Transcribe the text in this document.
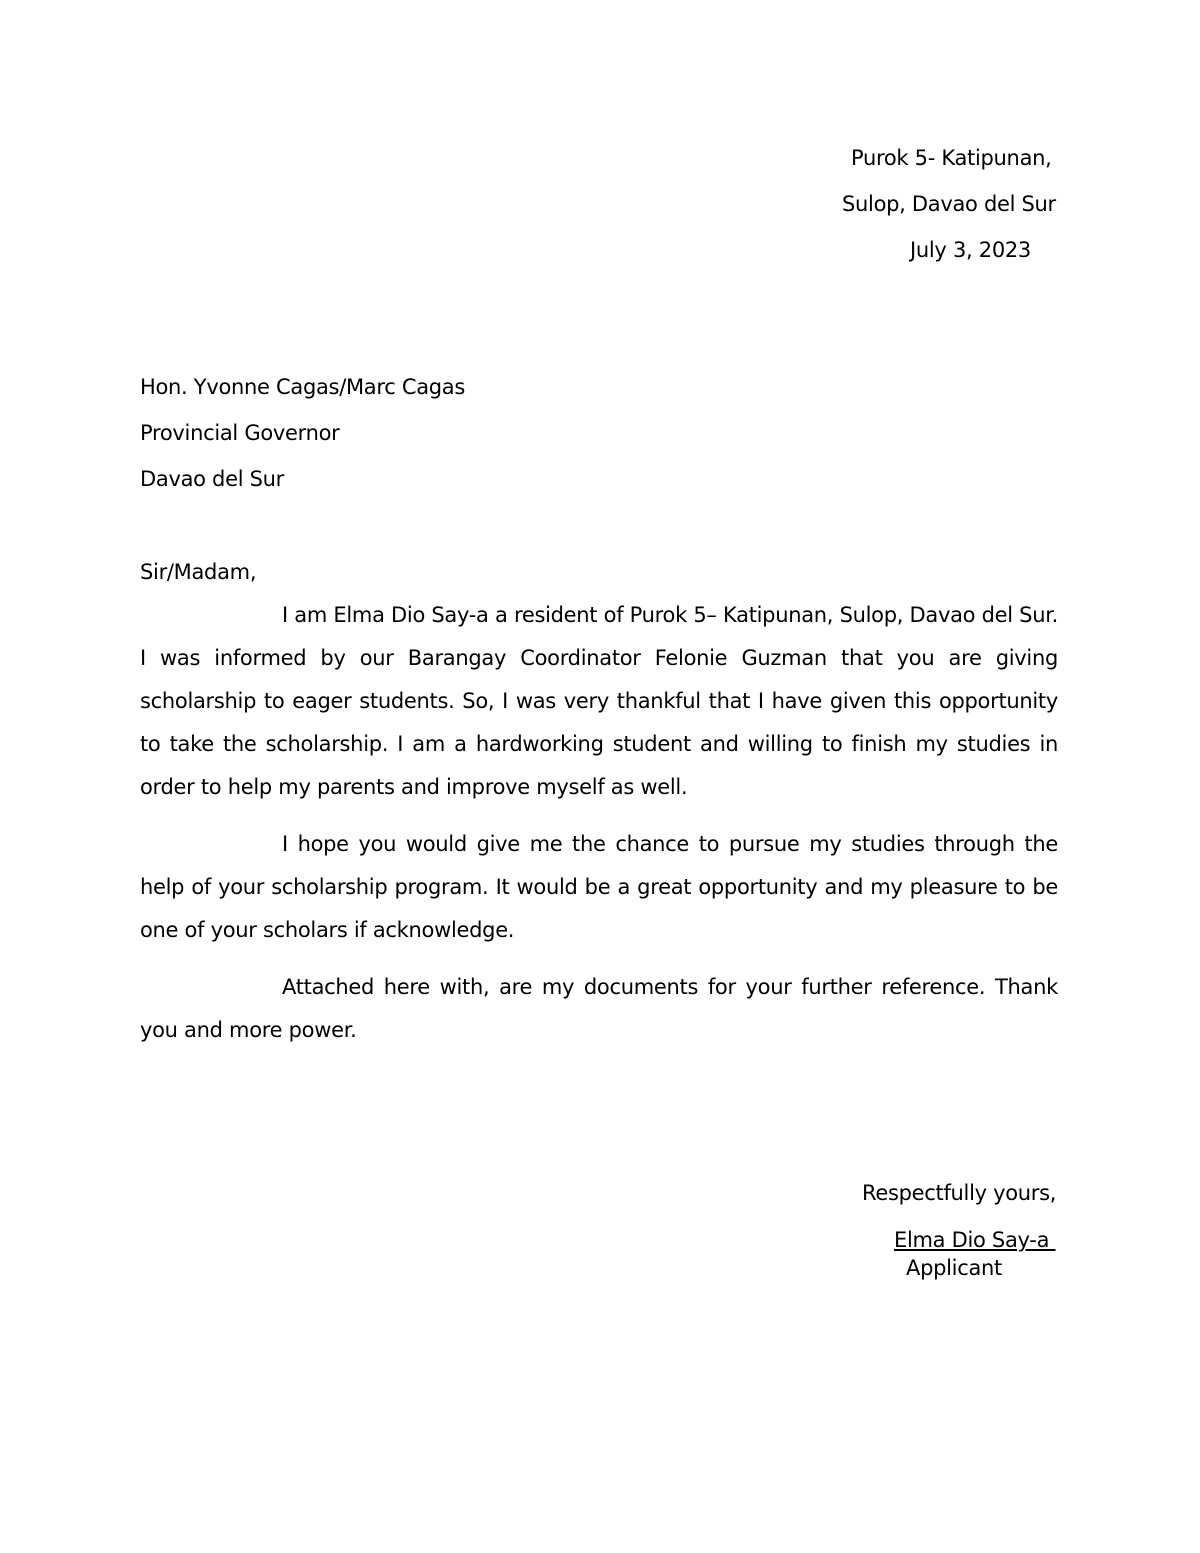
Purok 5- Katipunan,
Sulop, Davao del Sur
July 3, 2023
Hon. Yvonne Cagas/Marc Cagas
Provincial Governor
Davao del Sur
Sir/Madam,

I am Elma Dio Say-a a resident of Purok 5– Katipunan, Sulop, Davao del Sur. I was informed by our Barangay Coordinator Felonie Guzman that you are giving scholarship to eager students. So, I was very thankful that I have given this opportunity to take the scholarship. I am a hardworking student and willing to finish my studies in order to help my parents and improve myself as well.

I hope you would give me the chance to pursue my studies through the help of your scholarship program. It would be a great opportunity and my pleasure to be one of your scholars if acknowledge.

Attached here with, are my documents for your further reference. Thank you and more power.

Respectfully yours,
Elma Dio Say-a
Applicant
